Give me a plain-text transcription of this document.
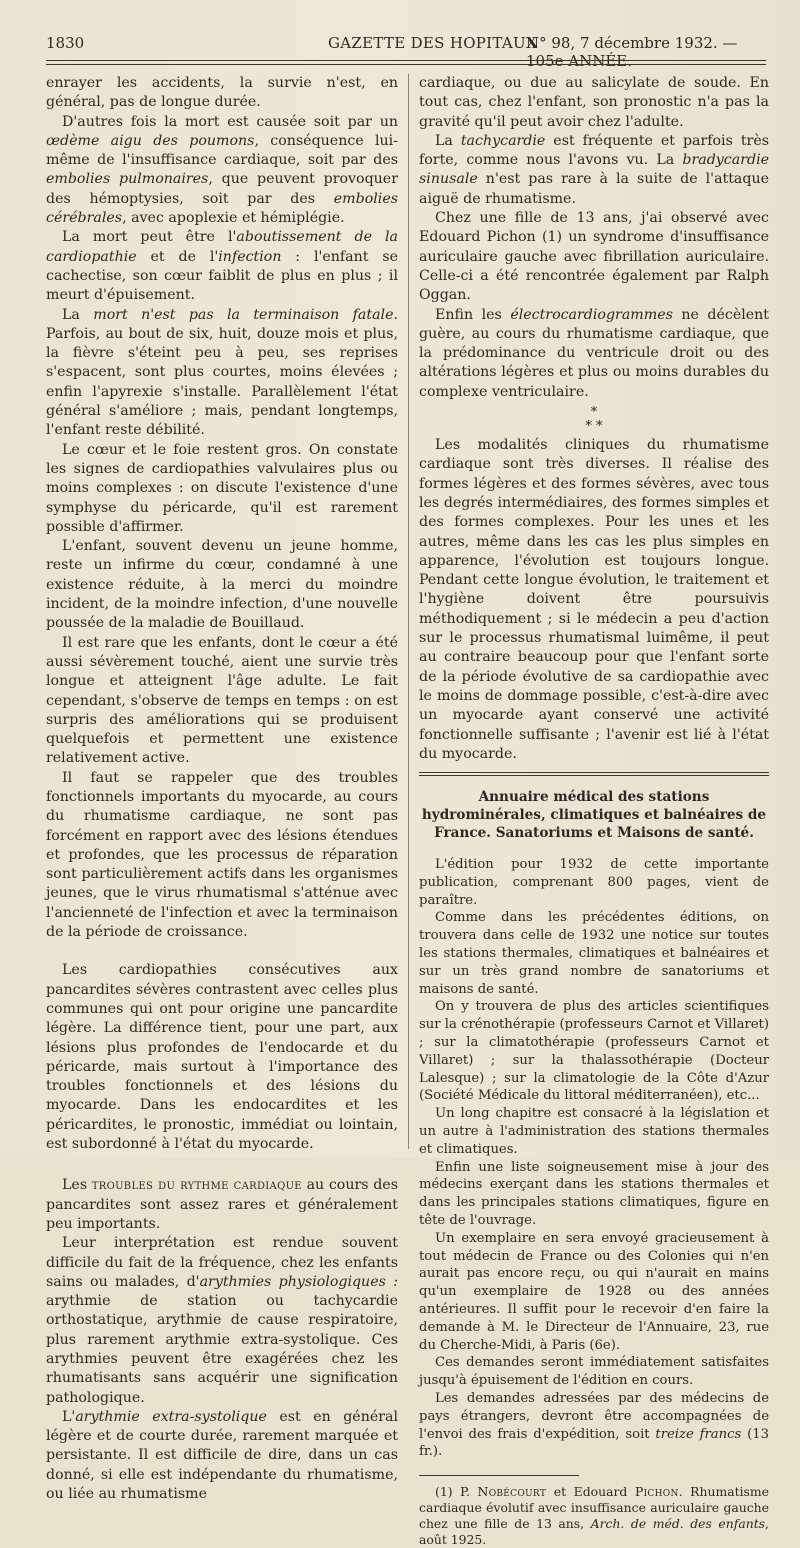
1830	GAZETTE DES HOPITAUX
N° 98, 7 décembre 1932. — 105e ANNÉE.

enrayer les accidents, la survie n'est, en général, pas de longue durée.

D'autres fois la mort est causée soit par un œdème aigu des poumons, conséquence lui-même de l'insuffisance cardiaque, soit par des embolies pulmonaires, que peuvent provoquer des hémoptysies, soit par des embolies cérébrales, avec apoplexie et hémiplégie.

La mort peut être l'aboutissement de la cardiopathie et de l'infection : l'enfant se cachectise, son cœur faiblit de plus en plus ; il meurt d'épuisement.

La mort n'est pas la terminaison fatale. Parfois, au bout de six, huit, douze mois et plus, la fièvre s'éteint peu à peu, ses reprises s'espacent, sont plus courtes, moins élevées ; enfin l'apyrexie s'installe. Parallèlement l'état général s'améliore ; mais, pendant longtemps, l'enfant reste débilité.

Le cœur et le foie restent gros. On constate les signes de cardiopathies valvulaires plus ou moins complexes : on discute l'existence d'une symphyse du péricarde, qu'il est rarement possible d'affirmer.

L'enfant, souvent devenu un jeune homme, reste un infirme du cœur, condamné à une existence réduite, à la merci du moindre incident, de la moindre infection, d'une nouvelle poussée de la maladie de Bouillaud.

Il est rare que les enfants, dont le cœur a été aussi sévèrement touché, aient une survie très longue et atteignent l'âge adulte. Le fait cependant, s'observe de temps en temps : on est surpris des améliorations qui se produisent quelquefois et permettent une existence relativement active.

Il faut se rappeler que des troubles fonctionnels importants du myocarde, au cours du rhumatisme cardiaque, ne sont pas forcément en rapport avec des lésions étendues et profondes, que les processus de réparation sont particulièrement actifs dans les organismes jeunes, que le virus rhumatismal s'atténue avec l'ancienneté de l'infection et avec la terminaison de la période de croissance.

Les cardiopathies consécutives aux pancardites sévères contrastent avec celles plus communes qui ont pour origine une pancardite légère. La différence tient, pour une part, aux lésions plus profondes de l'endocarde et du péricarde, mais surtout à l'importance des troubles fonctionnels et des lésions du myocarde. Dans les endocardites et les péricardites, le pronostic, immédiat ou lointain, est subordonné à l'état du myocarde.

Les troubles du rythme cardiaque au cours des pancardites sont assez rares et généralement peu importants.

Leur interprétation est rendue souvent difficile du fait de la fréquence, chez les enfants sains ou malades, d'arythmies physiologiques : arythmie de station ou tachycardie orthostatique, arythmie de cause respiratoire, plus rarement arythmie extra-systolique. Ces arythmies peuvent être exagérées chez les rhumatisants sans acquérir une signification pathologique.

L'arythmie extra-systolique est en général légère et de courte durée, rarement marquée et persistante. Il est difficile de dire, dans un cas donné, si elle est indépendante du rhumatisme, ou liée au rhumatisme

cardiaque, ou due au salicylate de soude. En tout cas, chez l'enfant, son pronostic n'a pas la gravité qu'il peut avoir chez l'adulte.

La tachycardie est fréquente et parfois très forte, comme nous l'avons vu. La bradycardie sinusale n'est pas rare à la suite de l'attaque aiguë de rhumatisme.

Chez une fille de 13 ans, j'ai observé avec Edouard Pichon (1) un syndrome d'insuffisance auriculaire gauche avec fibrillation auriculaire. Celle-ci a été rencontrée également par Ralph Oggan.

Enfin les électrocardiogrammes ne décèlent guère, au cours du rhumatisme cardiaque, que la prédominance du ventricule droit ou des altérations légères et plus ou moins durables du complexe ventriculaire.

*
* *

Les modalités cliniques du rhumatisme cardiaque sont très diverses. Il réalise des formes légères et des formes sévères, avec tous les degrés intermédiaires, des formes simples et des formes complexes. Pour les unes et les autres, même dans les cas les plus simples en apparence, l'évolution est toujours longue. Pendant cette longue évolution, le traitement et l'hygiène doivent être poursuivis méthodiquement ; si le médecin a peu d'action sur le processus rhumatismal luimême, il peut au contraire beaucoup pour que l'enfant sorte de la période évolutive de sa cardiopathie avec le moins de dommage possible, c'est-à-dire avec un myocarde ayant conservé une activité fonctionnelle suffisante ; l'avenir est lié à l'état du myocarde.

Annuaire médical des stations hydrominérales, climatiques et balnéaires de France. Sanatoriums et Maisons de santé.

L'édition pour 1932 de cette importante publication, comprenant 800 pages, vient de paraître.

Comme dans les précédentes éditions, on trouvera dans celle de 1932 une notice sur toutes les stations thermales, climatiques et balnéaires et sur un très grand nombre de sanatoriums et maisons de santé.

On y trouvera de plus des articles scientifiques sur la crénothérapie (professeurs Carnot et Villaret) ; sur la climatothérapie (professeurs Carnot et Villaret) ; sur la thalassothérapie (Docteur Lalesque) ; sur la climatologie de la Côte d'Azur (Société Médicale du littoral méditerranéen), etc...

Un long chapitre est consacré à la législation et un autre à l'administration des stations thermales et climatiques.

Enfin une liste soigneusement mise à jour des médecins exerçant dans les stations thermales et dans les principales stations climatiques, figure en tête de l'ouvrage.

Un exemplaire en sera envoyé gracieusement à tout médecin de France ou des Colonies qui n'en aurait pas encore reçu, ou qui n'aurait en mains qu'un exemplaire de 1928 ou des années antérieures. Il suffit pour le recevoir d'en faire la demande à M. le Directeur de l'Annuaire, 23, rue du Cherche-Midi, à Paris (6e).

Ces demandes seront immédiatement satisfaites jusqu'à épuisement de l'édition en cours.

Les demandes adressées par des médecins de pays étrangers, devront être accompagnées de l'envoi des frais d'expédition, soit treize francs (13 fr.).

(1) P. Nobécourt et Edouard Pichon. Rhumatisme cardiaque évolutif avec insuffisance auriculaire gauche chez une fille de 13 ans, Arch. de méd. des enfants, août 1925.
